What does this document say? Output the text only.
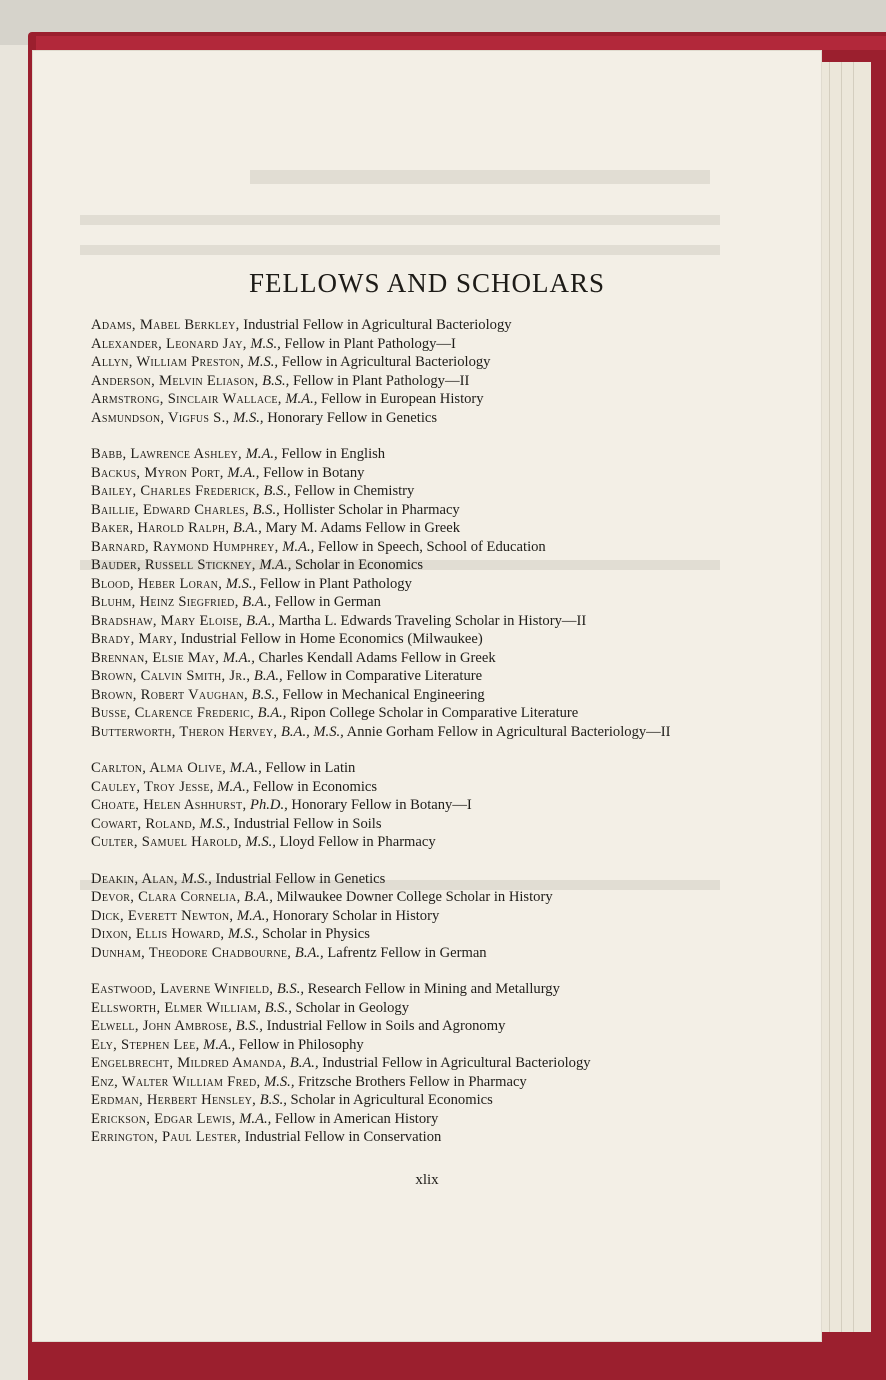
FELLOWS AND SCHOLARS
Adams, Mabel Berkley, Industrial Fellow in Agricultural Bacteriology
Alexander, Leonard Jay, M.S., Fellow in Plant Pathology—I
Allyn, William Preston, M.S., Fellow in Agricultural Bacteriology
Anderson, Melvin Eliason, B.S., Fellow in Plant Pathology—II
Armstrong, Sinclair Wallace, M.A., Fellow in European History
Asmundson, Vigfus S., M.S., Honorary Fellow in Genetics
Babb, Lawrence Ashley, M.A., Fellow in English
Backus, Myron Port, M.A., Fellow in Botany
Bailey, Charles Frederick, B.S., Fellow in Chemistry
Baillie, Edward Charles, B.S., Hollister Scholar in Pharmacy
Baker, Harold Ralph, B.A., Mary M. Adams Fellow in Greek
Barnard, Raymond Humphrey, M.A., Fellow in Speech, School of Education
Bauder, Russell Stickney, M.A., Scholar in Economics
Blood, Heber Loran, M.S., Fellow in Plant Pathology
Bluhm, Heinz Siegfried, B.A., Fellow in German
Bradshaw, Mary Eloise, B.A., Martha L. Edwards Traveling Scholar in History—II
Brady, Mary, Industrial Fellow in Home Economics (Milwaukee)
Brennan, Elsie May, M.A., Charles Kendall Adams Fellow in Greek
Brown, Calvin Smith, Jr., B.A., Fellow in Comparative Literature
Brown, Robert Vaughan, B.S., Fellow in Mechanical Engineering
Busse, Clarence Frederic, B.A., Ripon College Scholar in Comparative Literature
Butterworth, Theron Hervey, B.A., M.S., Annie Gorham Fellow in Agricultural Bacteriology—II
Carlton, Alma Olive, M.A., Fellow in Latin
Cauley, Troy Jesse, M.A., Fellow in Economics
Choate, Helen Ashhurst, Ph.D., Honorary Fellow in Botany—I
Cowart, Roland, M.S., Industrial Fellow in Soils
Culter, Samuel Harold, M.S., Lloyd Fellow in Pharmacy
Deakin, Alan, M.S., Industrial Fellow in Genetics
Devor, Clara Cornelia, B.A., Milwaukee Downer College Scholar in History
Dick, Everett Newton, M.A., Honorary Scholar in History
Dixon, Ellis Howard, M.S., Scholar in Physics
Dunham, Theodore Chadbourne, B.A., Lafrentz Fellow in German
Eastwood, Laverne Winfield, B.S., Research Fellow in Mining and Metallurgy
Ellsworth, Elmer William, B.S., Scholar in Geology
Elwell, John Ambrose, B.S., Industrial Fellow in Soils and Agronomy
Ely, Stephen Lee, M.A., Fellow in Philosophy
Engelbrecht, Mildred Amanda, B.A., Industrial Fellow in Agricultural Bacteriology
Enz, Walter William Fred, M.S., Fritzsche Brothers Fellow in Pharmacy
Erdman, Herbert Hensley, B.S., Scholar in Agricultural Economics
Erickson, Edgar Lewis, M.A., Fellow in American History
Errington, Paul Lester, Industrial Fellow in Conservation
xlix
